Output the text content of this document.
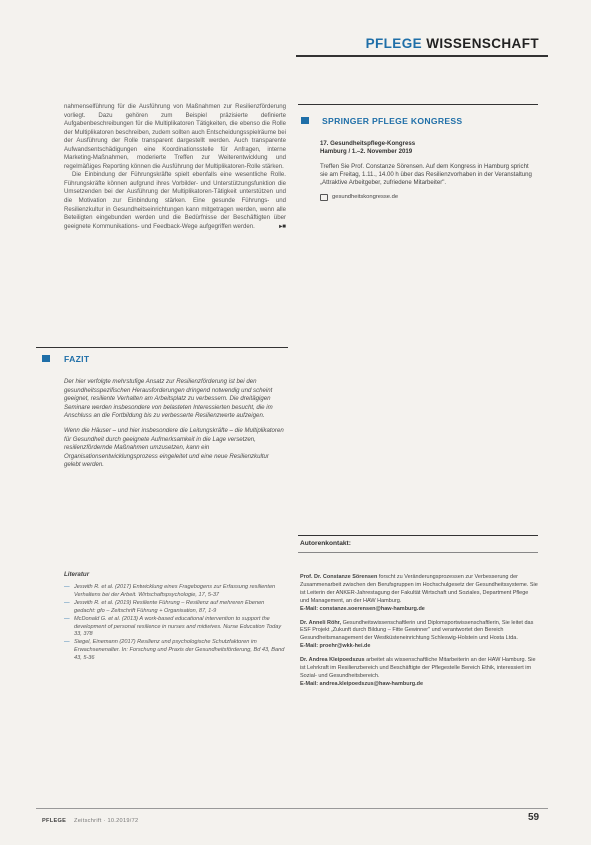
PFLEGE WISSENSCHAFT

nahmenselführung für die Ausführung von Maßnahmen zur Resilienzförderung vorliegt. Dazu gehören zum Beispiel präzisierte definierte Aufgabenbeschreibungen für die Multiplikatoren Tätigkeiten, die ebenso die Rolle der Multiplikatoren beschreiben, zudem sollten auch Entscheidungsspielräume bei der Ausführung der Rolle transparent dargestellt werden. Auch transparente Aufwandsentschädigungen eine Koordinationsstelle für Anfragen, interne Marketing-Maßnahmen, moderierte Treffen zur Weiterentwicklung und regelmäßiges Reporting können die Ausführung der Multiplikatoren-Rolle stärken.

Die Einbindung der Führungskräfte spielt ebenfalls eine wesentliche Rolle. Führungskräfte können aufgrund ihres Vorbilder- und Unterstützungsfunktion die Umsetzenden bei der Ausführung der Multiplikatoren-Tätigkeit unterstützen und die Motivation zur Einbindung stärken. Eine gesunde Führungs- und Resilienzkultur in Gesundheitseinrichtungen kann mitgetragen werden, wenn alle Beteiligten eingebunden werden und die Bedürfnisse der Beschäftigten über geeignete Kommunikations- und Feedback-Wege aufgegriffen werden.	▸■

SPRINGER PFLEGE KONGRESS
17. Gesundheitspflege-Kongress
Hamburg / 1.–2. November 2019

Treffen Sie Prof. Constanze Sörensen. Auf dem Kongress in Hamburg spricht sie am Freitag, 1.11., 14.00 h über das Resilienzvorhaben in der Veranstaltung „Attraktive Arbeitgeber, zufriedene Mitarbeiter".

gesundheitskongresse.de
FAZIT

Der hier verfolgte mehrstufige Ansatz zur Resilienzförderung ist bei den gesundheitsspezifischen Herausforderungen dringend notwendig und scheint geeignet, resiliente Verhalten am Arbeitsplatz zu verbessern. Die dreitägigen Seminare werden insbesondere von belasteten Interessierten besucht, die im Anschluss an die Fortbildung bis zu verbesserte Resilienzwerte aufzeigen.

Wenn die Häuser – und hier insbesondere die Leitungskräfte – die Multiplikatoren für Gesundheit durch geeignete Aufmerksamkeit in die Lage versetzen, resilienzfördernde Maßnahmen umzusetzen, kann ein Organisationsentwicklungsprozess eingeleitet und eine neue Resilienzkultur gelebt werden.

Literatur
— Jeswith R. et al. (2017) Entwicklung eines Fragebogens zur Erfassung resilienten Verhaltens bei der Arbeit. Wirtschaftspsychologie, 17, 5-37
— Jeswith R. et al. (2019) Resiliente Führung – Resilienz auf mehreren Ebenen gedacht: gfo – Zeitschrift Führung + Organisation, 87, 1-9
— McDonald G. et al. (2013) A work-based educational intervention to support the development of personal resilience in nurses and midwives. Nurse Education Today 33, 378
— Siegel, Einemann (2017) Resilienz und psychologische Schutzfaktoren im Erwachsenenalter. In: Forschung und Praxis der Gesundheitsförderung, Bd 43, Band 43, 5-36
Autorenkontakt:

Prof. Dr. Constanze Sörensen forscht zu Veränderungsprozessen zur Verbesserung der Zusammenarbeit zwischen den Berufsgruppen im Hochschulgesetz der Gesundheitssysteme. Sie ist Leiterin der ANKER-Jahrestagung der Fakultät Wirtschaft und Soziales, Department Pflege und Management, an der HAW Hamburg.
E-Mail: constanze.soerensen@haw-hamburg.de

Dr. Anneli Röhr, Gesundheitswissenschaftlerin und Diplomsportwissenschaftlerin, Sie leitet das ESF Projekt „Zukunft durch Bildung – Fitte Gewinner" und verantwortet den Bereich Gesundheitsmanagement der Westküsteneinrichtung Schleswig-Holstein und Hosta Ltda.
E-Mail: proehr@wkk-hei.de

Dr. Andrea Kleipoedszus arbeitet als wissenschaftliche Mitarbeiterin an der HAW Hamburg. Sie ist Lehrkraft im Resilienzbereich und Beschäftigte der Pflegestelle Bereich Ethik, interessiert im Sozial- und Gesundheitsbereich.
E-Mail: andrea.kleipoedszus@haw-hamburg.de

PFLEGE Zeitschrift · 10.2019/72	59
